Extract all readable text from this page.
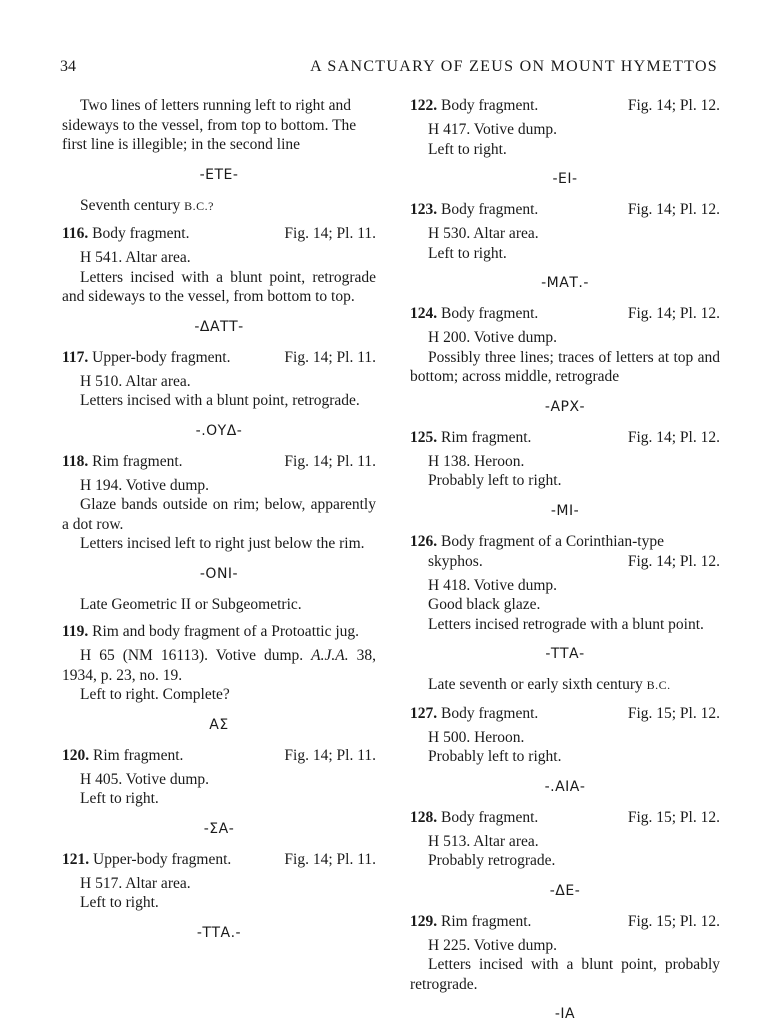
34	A SANCTUARY OF ZEUS ON MOUNT HYMETTOS
Two lines of letters running left to right and sideways to the vessel, from top to bottom. The first line is illegible; in the second line
-ETE-
Seventh century B.C.?
116. Body fragment.	Fig. 14; Pl. 11.
H 541. Altar area.
Letters incised with a blunt point, retrograde and sideways to the vessel, from bottom to top.
-ΔΑΤΤ-
117. Upper-body fragment.	Fig. 14; Pl. 11.
H 510. Altar area.
Letters incised with a blunt point, retrograde.
-.ΟΥΔ-
118. Rim fragment.	Fig. 14; Pl. 11.
H 194. Votive dump.
Glaze bands outside on rim; below, apparently a dot row.
Letters incised left to right just below the rim.
-ΟΝΙ-
Late Geometric II or Subgeometric.
119. Rim and body fragment of a Protoattic jug.
H 65 (NM 16113). Votive dump. A.J.A. 38, 1934, p. 23, no. 19.
Left to right. Complete?
ΑΣ
120. Rim fragment.	Fig. 14; Pl. 11.
H 405. Votive dump.
Left to right.
-ΣΑ-
121. Upper-body fragment.	Fig. 14; Pl. 11.
H 517. Altar area.
Left to right.
-ΤΤΑ.-
122. Body fragment.	Fig. 14; Pl. 12.
H 417. Votive dump.
Left to right.
-ΕΙ-
123. Body fragment.	Fig. 14; Pl. 12.
H 530. Altar area.
Left to right.
-ΜΑΤ.-
124. Body fragment.	Fig. 14; Pl. 12.
H 200. Votive dump.
Possibly three lines; traces of letters at top and bottom; across middle, retrograde
-ΑΡΧ-
125. Rim fragment.	Fig. 14; Pl. 12.
H 138. Heroon.
Probably left to right.
-ΜΙ-
126. Body fragment of a Corinthian-type
skyphos.	Fig. 14; Pl. 12.
H 418. Votive dump.
Good black glaze.
Letters incised retrograde with a blunt point.
-ΤΤΑ-
Late seventh or early sixth century B.C.
127. Body fragment.	Fig. 15; Pl. 12.
H 500. Heroon.
Probably left to right.
-.ΑΙΑ-
128. Body fragment.	Fig. 15; Pl. 12.
H 513. Altar area.
Probably retrograde.
-ΔΕ-
129. Rim fragment.	Fig. 15; Pl. 12.
H 225. Votive dump.
Letters incised with a blunt point, probably retrograde.
-ΙΑ
